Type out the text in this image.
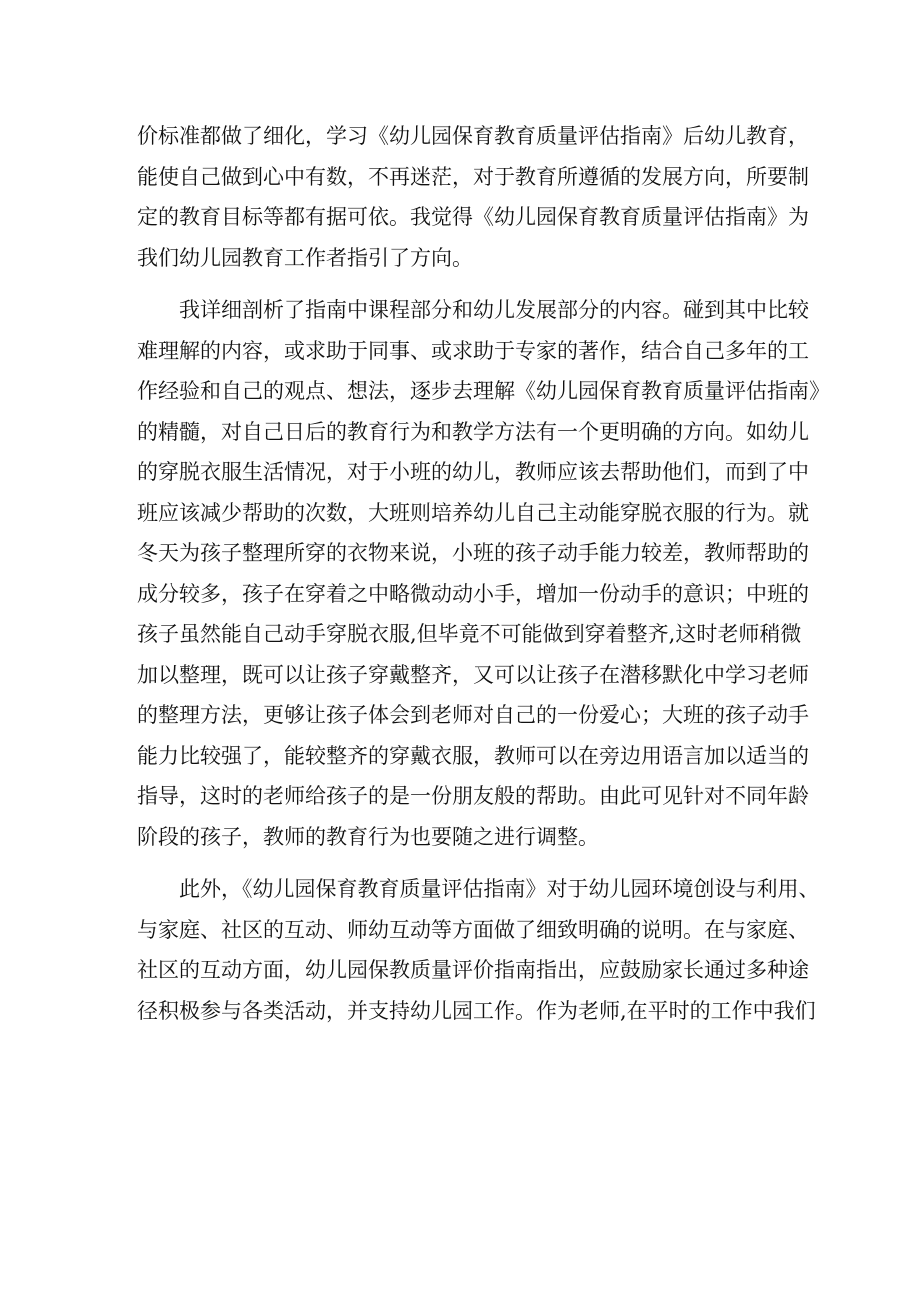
价标准都做了细化，学习《幼儿园保育教育质量评估指南》后幼儿教育，
能使自己做到心中有数，不再迷茫，对于教育所遵循的发展方向，所要制
定的教育目标等都有据可依。我觉得《幼儿园保育教育质量评估指南》为
我们幼儿园教育工作者指引了方向。
我详细剖析了指南中课程部分和幼儿发展部分的内容。碰到其中比较
难理解的内容，或求助于同事、或求助于专家的著作，结合自己多年的工
作经验和自己的观点、想法，逐步去理解《幼儿园保育教育质量评估指南》
的精髓，对自己日后的教育行为和教学方法有一个更明确的方向。如幼儿
的穿脱衣服生活情况，对于小班的幼儿，教师应该去帮助他们，而到了中
班应该减少帮助的次数，大班则培养幼儿自己主动能穿脱衣服的行为。就
冬天为孩子整理所穿的衣物来说，小班的孩子动手能力较差，教师帮助的
成分较多，孩子在穿着之中略微动动小手，增加一份动手的意识；中班的
孩子虽然能自己动手穿脱衣服,但毕竟不可能做到穿着整齐,这时老师稍微
加以整理，既可以让孩子穿戴整齐，又可以让孩子在潜移默化中学习老师
的整理方法，更够让孩子体会到老师对自己的一份爱心；大班的孩子动手
能力比较强了，能较整齐的穿戴衣服，教师可以在旁边用语言加以适当的
指导，这时的老师给孩子的是一份朋友般的帮助。由此可见针对不同年龄
阶段的孩子，教师的教育行为也要随之进行调整。
此外，《幼儿园保育教育质量评估指南》对于幼儿园环境创设与利用、
与家庭、社区的互动、师幼互动等方面做了细致明确的说明。在与家庭、
社区的互动方面，幼儿园保教质量评价指南指出，应鼓励家长通过多种途
径积极参与各类活动，并支持幼儿园工作。作为老师,在平时的工作中我们
